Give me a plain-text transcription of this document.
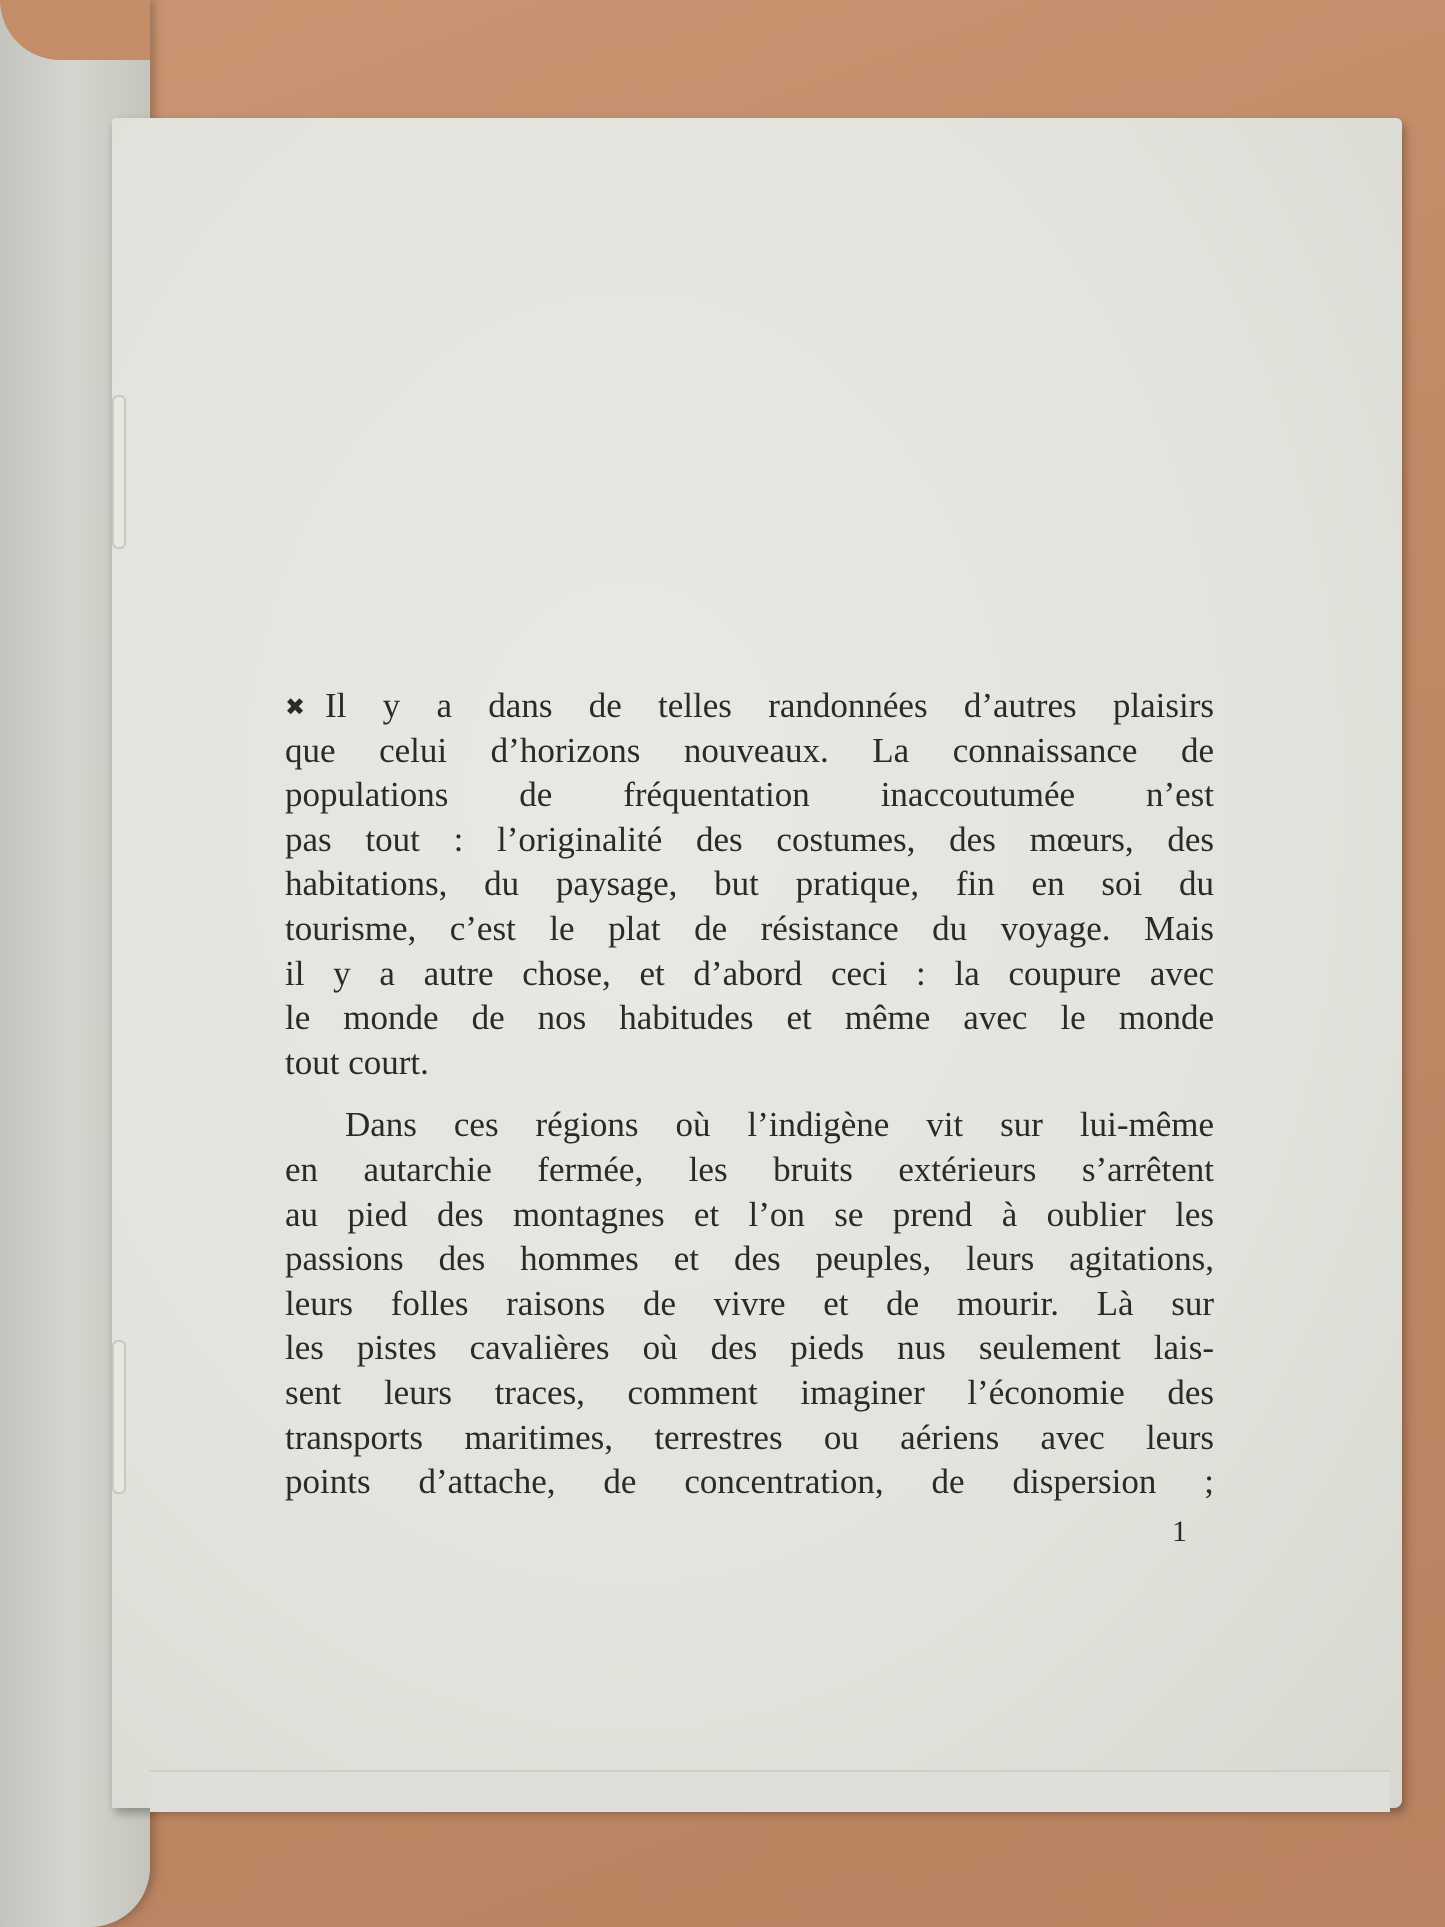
✖ Il y a dans de telles randonnées d’autres plaisirs
que celui d’horizons nouveaux. La connaissance de
populations de fréquentation inaccoutumée n’est
pas tout : l’originalité des costumes, des mœurs, des
habitations, du paysage, but pratique, fin en soi du
tourisme, c’est le plat de résistance du voyage. Mais
il y a autre chose, et d’abord ceci : la coupure avec
le monde de nos habitudes et même avec le monde
tout court.
Dans ces régions où l’indigène vit sur lui-même
en autarchie fermée, les bruits extérieurs s’arrêtent
au pied des montagnes et l’on se prend à oublier les
passions des hommes et des peuples, leurs agitations,
leurs folles raisons de vivre et de mourir. Là sur
les pistes cavalières où des pieds nus seulement lais-
sent leurs traces, comment imaginer l’économie des
transports maritimes, terrestres ou aériens avec leurs
points d’attache, de concentration, de dispersion ;
1
